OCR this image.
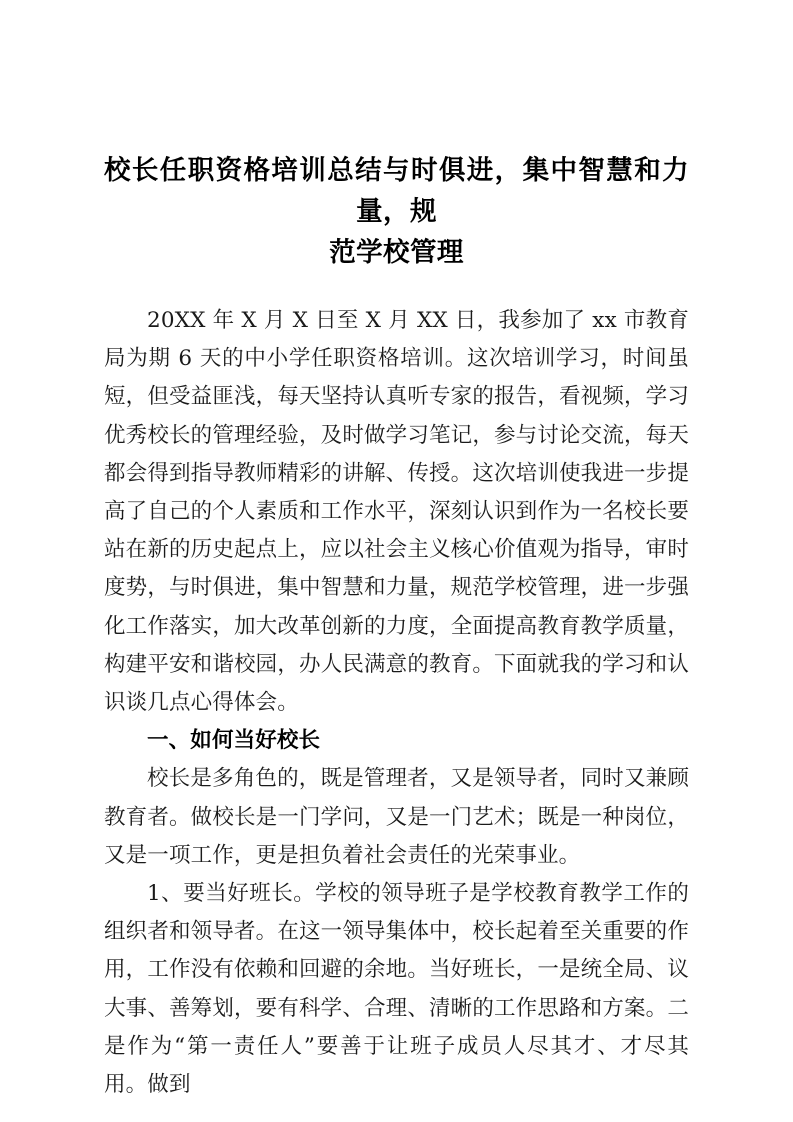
校长任职资格培训总结与时俱进，集中智慧和力量，规
范学校管理

20XX 年 X 月 X 日至 X 月 XX 日，我参加了 xx 市教育局为期 6 天的中小学任职资格培训。这次培训学习，时间虽短，但受益匪浅，每天坚持认真听专家的报告，看视频，学习优秀校长的管理经验，及时做学习笔记，参与讨论交流，每天都会得到指导教师精彩的讲解、传授。这次培训使我进一步提高了自己的个人素质和工作水平，深刻认识到作为一名校长要站在新的历史起点上，应以社会主义核心价值观为指导，审时度势，与时俱进，集中智慧和力量，规范学校管理，进一步强化工作落实，加大改革创新的力度，全面提高教育教学质量，构建平安和谐校园，办人民满意的教育。下面就我的学习和认识谈几点心得体会。

一、如何当好校长

校长是多角色的，既是管理者，又是领导者，同时又兼顾教育者。做校长是一门学问，又是一门艺术；既是一种岗位，又是一项工作，更是担负着社会责任的光荣事业。

1、要当好班长。学校的领导班子是学校教育教学工作的组织者和领导者。在这一领导集体中，校长起着至关重要的作用，工作没有依赖和回避的余地。当好班长，一是统全局、议大事、善筹划，要有科学、合理、清晰的工作思路和方案。二是作为“第一责任人”要善于让班子成员人尽其才、才尽其用。做到
